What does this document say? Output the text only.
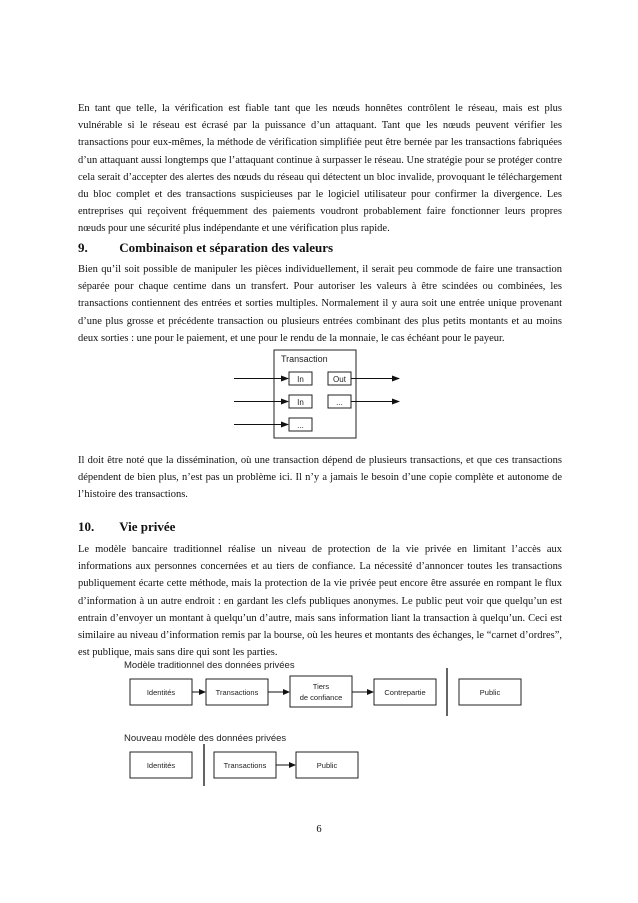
En tant que telle, la vérification est fiable tant que les nœuds honnêtes contrôlent le réseau, mais est plus vulnérable si le réseau est écrasé par la puissance d’un attaquant. Tant que les nœuds peuvent vérifier les transactions pour eux-mêmes, la méthode de vérification simplifiée peut être bernée par les transactions fabriquées d’un attaquant aussi longtemps que l’attaquant continue à surpasser le réseau. Une stratégie pour se protéger contre cela serait d’accepter des alertes des nœuds du réseau qui détectent un bloc invalide, provoquant le téléchargement du bloc complet et des transactions suspicieuses par le logiciel utilisateur pour confirmer la divergence. Les entreprises qui reçoivent fréquemment des paiements voudront probablement faire fonctionner leurs propres nœuds pour une sécurité plus indépendante et une vérification plus rapide.

9. Combinaison et séparation des valeurs

Bien qu’il soit possible de manipuler les pièces individuellement, il serait peu commode de faire une transaction séparée pour chaque centime dans un transfert. Pour autoriser les valeurs à être scindées ou combinées, les transactions contiennent des entrées et sorties multiples. Normalement il y aura soit une entrée unique provenant d’une plus grosse et précédente transaction ou plusieurs entrées combinant des plus petits montants et au moins deux sorties : une pour le paiement, et une pour le rendu de la monnaie, le cas échéant pour le payeur.

Transaction
In	Out
In	...
...

Il doit être noté que la dissémination, où une transaction dépend de plusieurs transactions, et que ces transactions dépendent de bien plus, n’est pas un problème ici. Il n’y a jamais le besoin d’une copie complète et autonome de l’histoire des transactions.

10. Vie privée

Le modèle bancaire traditionnel réalise un niveau de protection de la vie privée en limitant l’accès aux informations aux personnes concernées et au tiers de confiance. La nécessité d’annoncer toutes les transactions publiquement écarte cette méthode, mais la protection de la vie privée peut encore être assurée en rompant le flux d’information à un autre endroit : en gardant les clefs publiques anonymes. Le public peut voir que quelqu’un est entrain d’envoyer un montant à quelqu’un d’autre, mais sans information liant la transaction à quelqu’un. Ceci est similaire au niveau d’information remis par la bourse, où les heures et montants des échanges, le “carnet d’ordres”, est publique, mais sans dire qui sont les parties.

Modèle traditionnel des données privées
Identités	Transactions
Tiers
de confiance
Contrepartie	Public
Nouveau modèle des données privées
Identités	Transactions	Public
6
